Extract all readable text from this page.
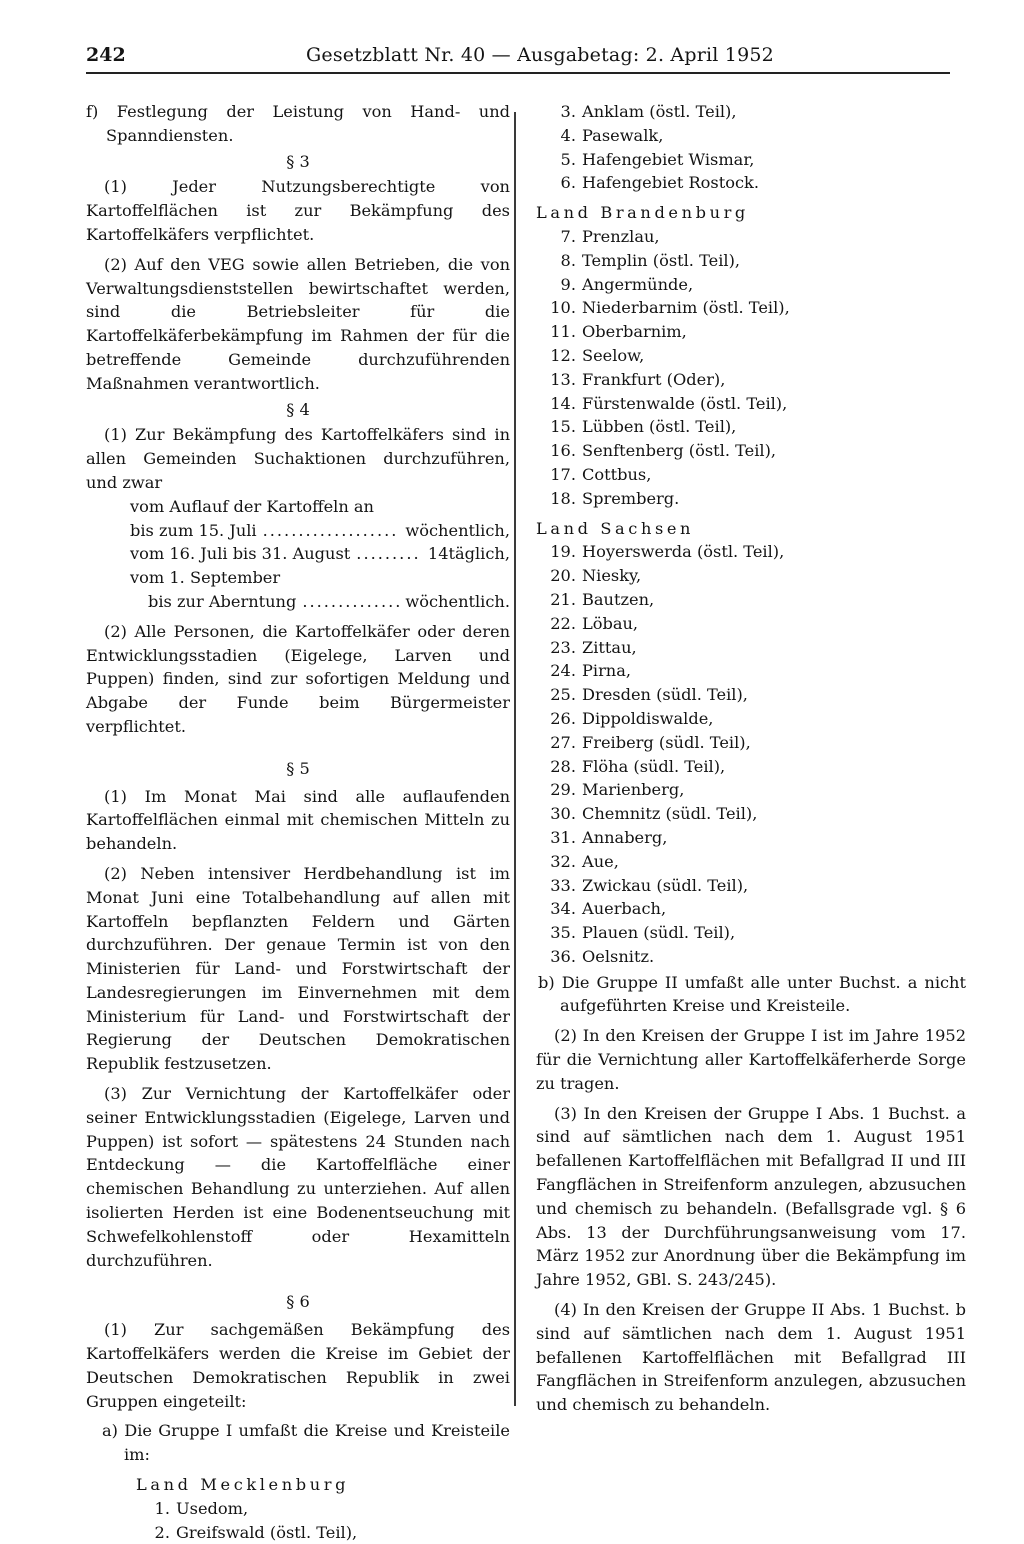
242	Gesetzblatt Nr. 40 — Ausgabetag: 2. April 1952

f) Festlegung der Leistung von Hand- und Spanndiensten.

§ 3

(1) Jeder Nutzungsberechtigte von Kartoffelflächen ist zur Bekämpfung des Kartoffelkäfers verpflichtet.

(2) Auf den VEG sowie allen Betrieben, die von Verwaltungsdienststellen bewirtschaftet werden, sind die Betriebsleiter für die Kartoffelkäferbekämpfung im Rahmen der für die betreffende Gemeinde durchzuführenden Maßnahmen verantwortlich.

§ 4

(1) Zur Bekämpfung des Kartoffelkäfers sind in allen Gemeinden Suchaktionen durchzuführen, und zwar

vom Auflauf der Kartoffeln an
bis zum 15. Juli .....	wöchentlich,
vom 16. Juli bis 31. August .....	14täglich,
vom 1. September
bis zur Aberntung .....	wöchentlich.

(2) Alle Personen, die Kartoffelkäfer oder deren Entwicklungsstadien (Eigelege, Larven und Puppen) finden, sind zur sofortigen Meldung und Abgabe der Funde beim Bürgermeister verpflichtet.

§ 5

(1) Im Monat Mai sind alle auflaufenden Kartoffelflächen einmal mit chemischen Mitteln zu behandeln.

(2) Neben intensiver Herdbehandlung ist im Monat Juni eine Totalbehandlung auf allen mit Kartoffeln bepflanzten Feldern und Gärten durchzuführen. Der genaue Termin ist von den Ministerien für Land- und Forstwirtschaft der Landesregierungen im Einvernehmen mit dem Ministerium für Land- und Forstwirtschaft der Regierung der Deutschen Demokratischen Republik festzusetzen.

(3) Zur Vernichtung der Kartoffelkäfer oder seiner Entwicklungsstadien (Eigelege, Larven und Puppen) ist sofort — spätestens 24 Stunden nach Entdeckung — die Kartoffelfläche einer chemischen Behandlung zu unterziehen. Auf allen isolierten Herden ist eine Bodenentseuchung mit Schwefelkohlenstoff oder Hexamitteln durchzuführen.

§ 6

(1) Zur sachgemäßen Bekämpfung des Kartoffelkäfers werden die Kreise im Gebiet der Deutschen Demokratischen Republik in zwei Gruppen eingeteilt:

a) Die Gruppe I umfaßt die Kreise und Kreisteile im:

Land Mecklenburg

1. Usedom,
2. Greifswald (östl. Teil),
3. Anklam (östl. Teil),
4. Pasewalk,
5. Hafengebiet Wismar,
6. Hafengebiet Rostock.

Land Brandenburg

7. Prenzlau,
8. Templin (östl. Teil),
9. Angermünde,
10. Niederbarnim (östl. Teil),
11. Oberbarnim,
12. Seelow,
13. Frankfurt (Oder),
14. Fürstenwalde (östl. Teil),
15. Lübben (östl. Teil),
16. Senftenberg (östl. Teil),
17. Cottbus,
18. Spremberg.

Land Sachsen

19. Hoyerswerda (östl. Teil),
20. Niesky,
21. Bautzen,
22. Löbau,
23. Zittau,
24. Pirna,
25. Dresden (südl. Teil),
26. Dippoldiswalde,
27. Freiberg (südl. Teil),
28. Flöha (südl. Teil),
29. Marienberg,
30. Chemnitz (südl. Teil),
31. Annaberg,
32. Aue,
33. Zwickau (südl. Teil),
34. Auerbach,
35. Plauen (südl. Teil),
36. Oelsnitz.

b) Die Gruppe II umfaßt alle unter Buchst. a nicht aufgeführten Kreise und Kreisteile.

(2) In den Kreisen der Gruppe I ist im Jahre 1952 für die Vernichtung aller Kartoffelkäferherde Sorge zu tragen.

(3) In den Kreisen der Gruppe I Abs. 1 Buchst. a sind auf sämtlichen nach dem 1. August 1951 befallenen Kartoffelflächen mit Befallgrad II und III Fangflächen in Streifenform anzulegen, abzusuchen und chemisch zu behandeln. (Befallsgrade vgl. § 6 Abs. 13 der Durchführungsanweisung vom 17. März 1952 zur Anordnung über die Bekämpfung im Jahre 1952, GBl. S. 243/245).

(4) In den Kreisen der Gruppe II Abs. 1 Buchst. b sind auf sämtlichen nach dem 1. August 1951 befallenen Kartoffelflächen mit Befallgrad III Fangflächen in Streifenform anzulegen, abzusuchen und chemisch zu behandeln.
